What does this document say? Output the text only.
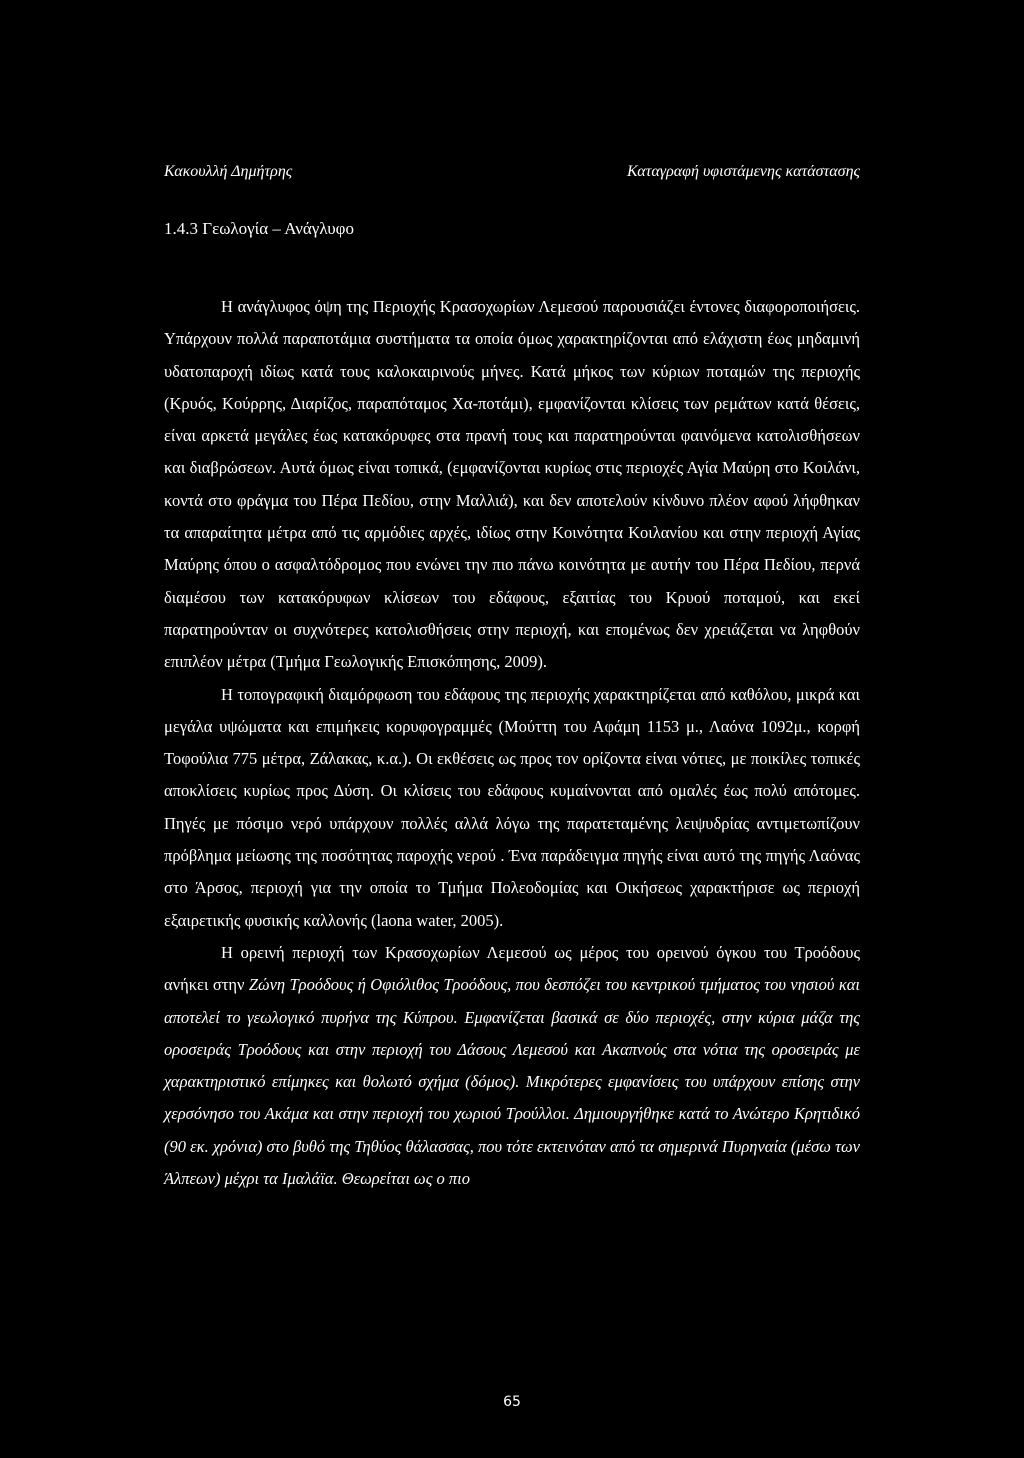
Κακουλλή Δημήτρης	Καταγραφή υφιστάμενης κατάστασης
1.4.3 Γεωλογία – Ανάγλυφο

Η ανάγλυφος όψη της Περιοχής Κρασοχωρίων Λεμεσού παρουσιάζει έντονες διαφοροποιήσεις. Υπάρχουν πολλά παραποτάμια συστήματα τα οποία όμως χαρακτηρίζονται από ελάχιστη έως μηδαμινή υδατοπαροχή ιδίως κατά τους καλοκαιρινούς μήνες. Κατά μήκος των κύριων ποταμών της περιοχής (Κρυός, Κούρρης, Διαρίζος, παραπόταμος Χα-ποτάμι), εμφανίζονται κλίσεις των ρεμάτων κατά θέσεις, είναι αρκετά μεγάλες έως κατακόρυφες στα πρανή τους και παρατηρούνται φαινόμενα κατολισθήσεων και διαβρώσεων. Αυτά όμως είναι τοπικά, (εμφανίζονται κυρίως στις περιοχές Αγία Μαύρη στο Κοιλάνι, κοντά στο φράγμα του Πέρα Πεδίου, στην Μαλλιά), και δεν αποτελούν κίνδυνο πλέον αφού λήφθηκαν τα απαραίτητα μέτρα από τις αρμόδιες αρχές, ιδίως στην Κοινότητα Κοιλανίου και στην περιοχή Αγίας Μαύρης όπου ο ασφαλτόδρομος που ενώνει την πιο πάνω κοινότητα με αυτήν του Πέρα Πεδίου, περνά διαμέσου των κατακόρυφων κλίσεων του εδάφους, εξαιτίας του Κρυού ποταμού, και εκεί παρατηρούνταν οι συχνότερες κατολισθήσεις στην περιοχή, και επομένως δεν χρειάζεται να ληφθούν επιπλέον μέτρα (Τμήμα Γεωλογικής Επισκόπησης, 2009).

Η τοπογραφική διαμόρφωση του εδάφους της περιοχής χαρακτηρίζεται από καθόλου, μικρά και μεγάλα υψώματα και επιμήκεις κορυφογραμμές (Μούττη του Αφάμη 1153 μ., Λαόνα 1092μ., κορφή Τοφούλια 775 μέτρα, Ζάλακας, κ.α.). Οι εκθέσεις ως προς τον ορίζοντα είναι νότιες, με ποικίλες τοπικές αποκλίσεις κυρίως προς Δύση. Οι κλίσεις του εδάφους κυμαίνονται από ομαλές έως πολύ απότομες. Πηγές με πόσιμο νερό υπάρχουν πολλές αλλά λόγω της παρατεταμένης λειψυδρίας αντιμετωπίζουν πρόβλημα μείωσης της ποσότητας παροχής νερού . Ένα παράδειγμα πηγής είναι αυτό της πηγής Λαόνας στο Άρσος, περιοχή για την οποία το Τμήμα Πολεοδομίας και Οικήσεως χαρακτήρισε ως περιοχή εξαιρετικής φυσικής καλλονής (laona water, 2005).

Η ορεινή περιοχή των Κρασοχωρίων Λεμεσού ως μέρος του ορεινού όγκου του Τροόδους ανήκει στην Ζώνη Τροόδους ή Οφιόλιθος Τροόδους, που δεσπόζει του κεντρικού τμήματος του νησιού και αποτελεί το γεωλογικό πυρήνα της Κύπρου. Εμφανίζεται βασικά σε δύο περιοχές, στην κύρια μάζα της οροσειράς Τροόδους και στην περιοχή του Δάσους Λεμεσού και Ακαπνούς στα νότια της οροσειράς με χαρακτηριστικό επίμηκες και θολωτό σχήμα (δόμος). Μικρότερες εμφανίσεις του υπάρχουν επίσης στην χερσόνησο του Ακάμα και στην περιοχή του χωριού Τρούλλοι. Δημιουργήθηκε κατά το Ανώτερο Κρητιδικό (90 εκ. χρόνια) στο βυθό της Τηθύος θάλασσας, που τότε εκτεινόταν από τα σημερινά Πυρηναία (μέσω των Άλπεων) μέχρι τα Ιμαλάϊα. Θεωρείται ως ο πιο

65
